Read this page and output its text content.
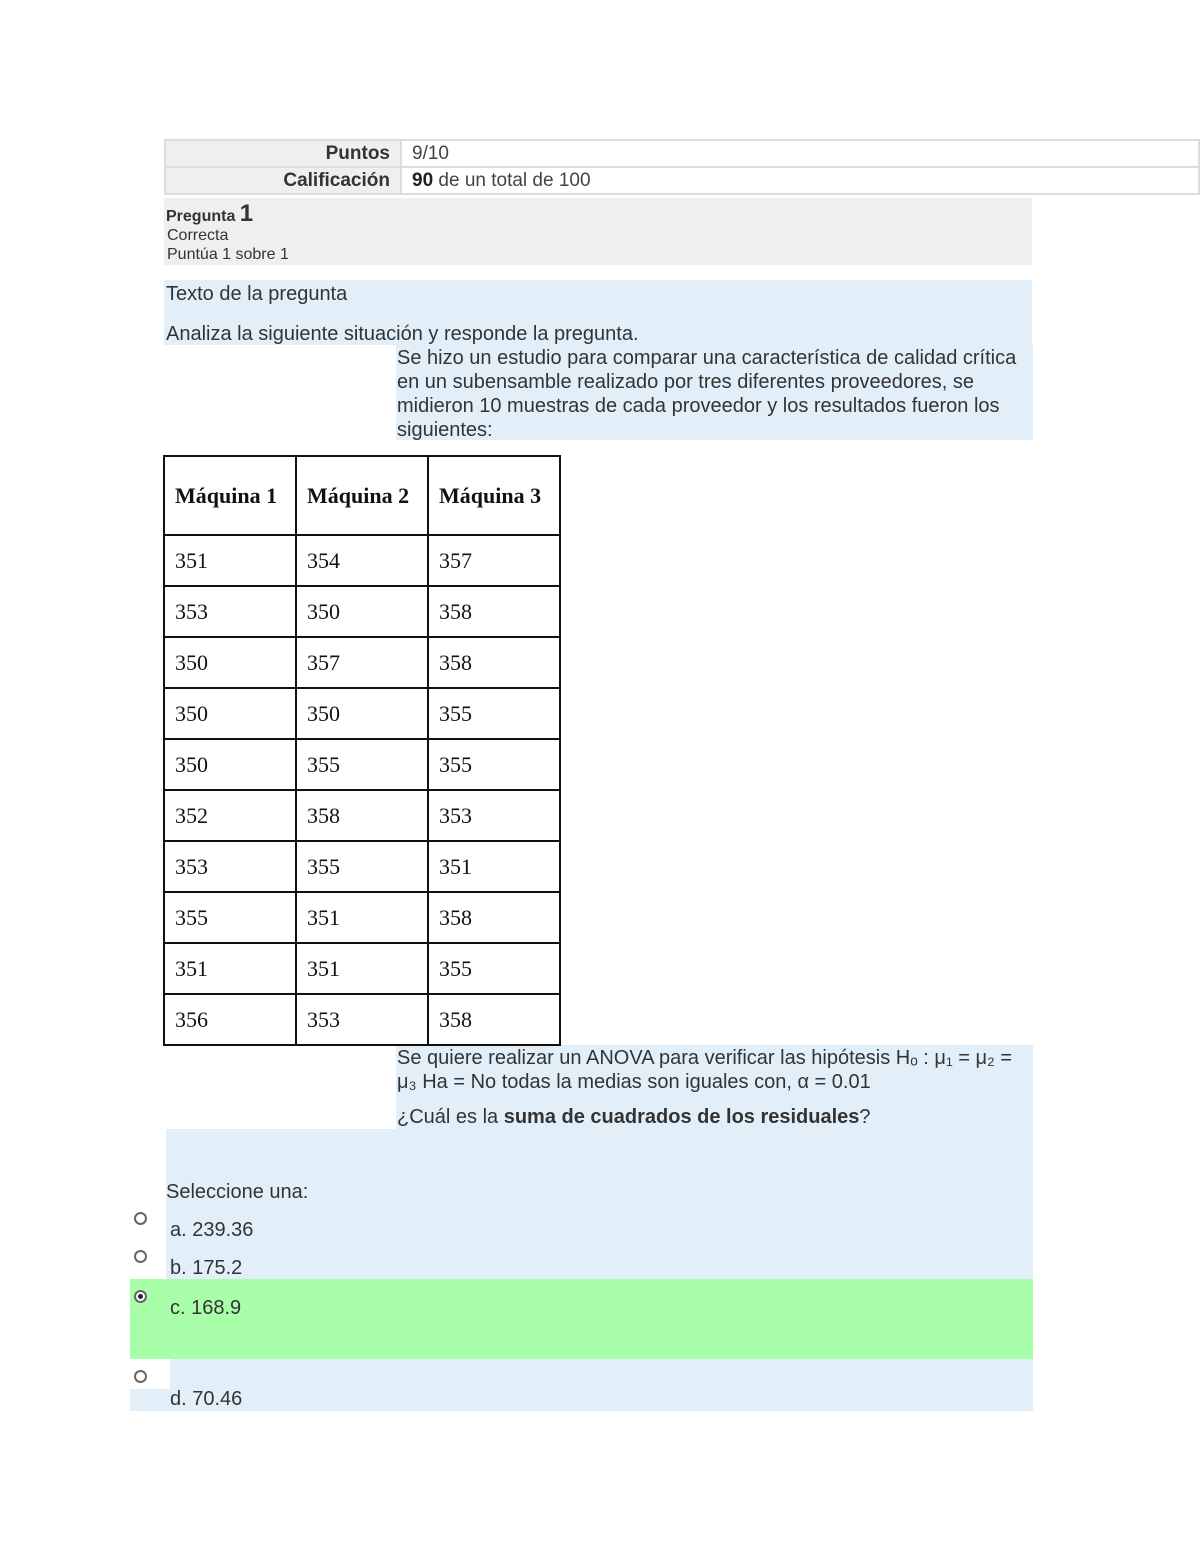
Puntos	9/10
Calificación	90 de un total de 100
Pregunta 1
Correcta
Puntúa 1 sobre 1
Texto de la pregunta
Analiza la siguiente situación y responde la pregunta.
Se hizo un estudio para comparar una característica de calidad crítica en un subensamble realizado por tres diferentes proveedores, se midieron 10 muestras de cada proveedor y los resultados fueron los siguientes:
Máquina 1	Máquina 2	Máquina 3
351	354	357
353	350	358
350	357	358
350	350	355
350	355	355
352	358	353
353	355	351
355	351	358
351	351	355
356	353	358
Se quiere realizar un ANOVA para verificar las hipótesis Hₒ : μ₁ = μ₂ = μ₃ Ha = No todas la medias son iguales con, α = 0.01
¿Cuál es la suma de cuadrados de los residuales?
Seleccione una:
a. 239.36
b. 175.2
c. 168.9
d. 70.46
